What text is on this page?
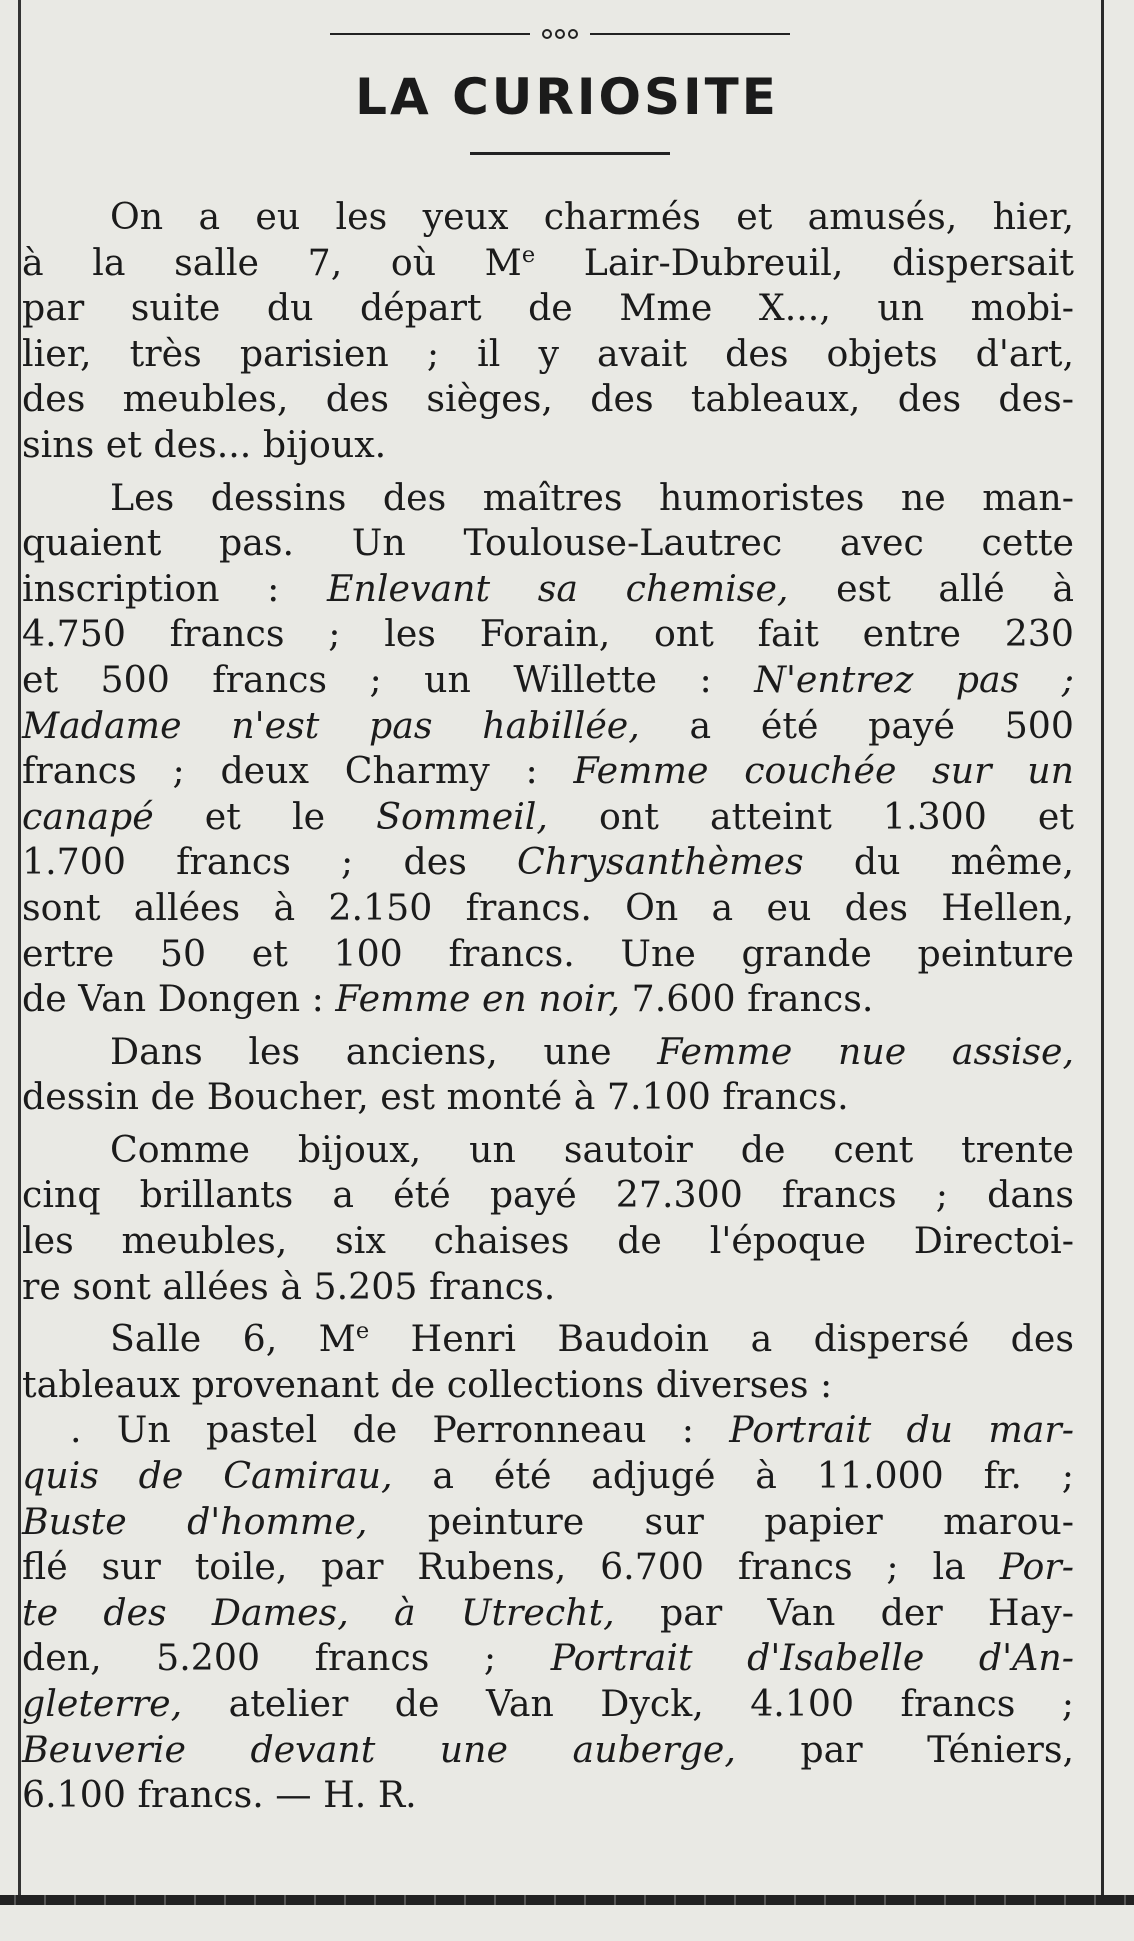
LA CURIOSITE

On a eu les yeux charmés et amusés, hier,
à la salle 7, où Me Lair-Dubreuil, dispersait
par suite du départ de Mme X..., un mobi-
lier, très parisien ; il y avait des objets d'art,
des meubles, des sièges, des tableaux, des des-
sins et des... bijoux.

Les dessins des maîtres humoristes ne man-
quaient pas. Un Toulouse-Lautrec avec cette
inscription : Enlevant sa chemise, est allé à
4.750 francs ; les Forain, ont fait entre 230
et 500 francs ; un Willette : N'entrez pas ;
Madame n'est pas habillée, a été payé 500
francs ; deux Charmy : Femme couchée sur un
canapé et le Sommeil, ont atteint 1.300 et
1.700 francs ; des Chrysanthèmes du même,
sont allées à 2.150 francs. On a eu des Hellen,
ertre 50 et 100 francs. Une grande peinture
de Van Dongen : Femme en noir, 7.600 francs.

Dans les anciens, une Femme nue assise,
dessin de Boucher, est monté à 7.100 francs.

Comme bijoux, un sautoir de cent trente
cinq brillants a été payé 27.300 francs ; dans
les meubles, six chaises de l'époque Directoi-
re sont allées à 5.205 francs.

Salle 6, Me Henri Baudoin a dispersé des
tableaux provenant de collections diverses :
. Un pastel de Perronneau : Portrait du mar-
quis de Camirau, a été adjugé à 11.000 fr. ;
Buste d'homme, peinture sur papier marou-
flé sur toile, par Rubens, 6.700 francs ; la Por-
te des Dames, à Utrecht, par Van der Hay-
den, 5.200 francs ; Portrait d'Isabelle d'An-
gleterre, atelier de Van Dyck, 4.100 francs ;
Beuverie devant une auberge, par Téniers,
6.100 francs. — H. R.
